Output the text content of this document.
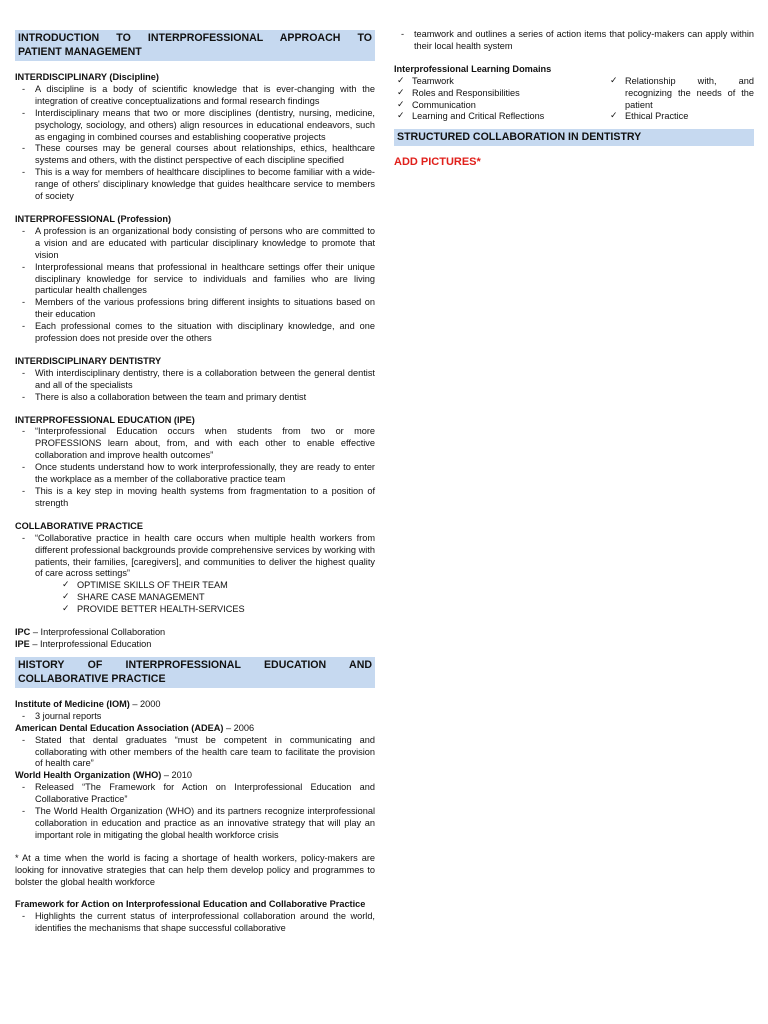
INTRODUCTION TO INTERPROFESSIONAL APPROACH TO
PATIENT MANAGEMENT
INTERDISCIPLINARY (Discipline)
- A discipline is a body of scientific knowledge that is ever-changing with the integration of creative conceptualizations and formal research findings
- Interdisciplinary means that two or more disciplines (dentistry, nursing, medicine, psychology, sociology, and others) align resources in educational endeavors, such as engaging in combined courses and establishing cooperative projects
- These courses may be general courses about relationships, ethics, healthcare systems and others, with the distinct perspective of each discipline specified
- This is a way for members of healthcare disciplines to become familiar with a wide-range of others' disciplinary knowledge that guides healthcare service to members of society
INTERPROFESSIONAL (Profession)
- A profession is an organizational body consisting of persons who are committed to a vision and are educated with particular disciplinary knowledge to promote that vision
- Interprofessional means that professional in healthcare settings offer their unique disciplinary knowledge for service to individuals and families who are living particular health challenges
- Members of the various professions bring different insights to situations based on their education
- Each professional comes to the situation with disciplinary knowledge, and one profession does not preside over the others
INTERDISCIPLINARY DENTISTRY
- With interdisciplinary dentistry, there is a collaboration between the general dentist and all of the specialists
- There is also a collaboration between the team and primary dentist
INTERPROFESSIONAL EDUCATION (IPE)
- “Interprofessional Education occurs when students from two or more PROFESSIONS learn about, from, and with each other to enable effective collaboration and improve health outcomes”
- Once students understand how to work interprofessionally, they are ready to enter the workplace as a member of the collaborative practice team
- This is a key step in moving health systems from fragmentation to a position of strength
COLLABORATIVE PRACTICE
- “Collaborative practice in health care occurs when multiple health workers from different professional backgrounds provide comprehensive services by working with patients, their families, [caregivers], and communities to deliver the highest quality of care across settings”
✓ OPTIMISE SKILLS OF THEIR TEAM
✓ SHARE CASE MANAGEMENT
✓ PROVIDE BETTER HEALTH-SERVICES
IPC – Interprofessional Collaboration
IPE – Interprofessional Education
HISTORY OF INTERPROFESSIONAL EDUCATION AND
COLLABORATIVE PRACTICE
Institute of Medicine (IOM) – 2000
- 3 journal reports
American Dental Education Association (ADEA) – 2006
- Stated that dental graduates “must be competent in communicating and collaborating with other members of the health care team to facilitate the provision of health care”
World Health Organization (WHO) – 2010
- Released “The Framework for Action on Interprofessional Education and Collaborative Practice”
- The World Health Organization (WHO) and its partners recognize interprofessional collaboration in education and practice as an innovative strategy that will play an important role in mitigating the global health workforce crisis
* At a time when the world is facing a shortage of health workers, policy-makers are looking for innovative strategies that can help them develop policy and programmes to bolster the global health workforce
Framework for Action on Interprofessional Education and Collaborative Practice
- Highlights the current status of interprofessional collaboration around the world, identifies the mechanisms that shape successful collaborative
- teamwork and outlines a series of action items that policy-makers can apply within their local health system
Interprofessional Learning Domains
✓ Teamwork
✓ Roles and Responsibilities
✓ Communication
✓ Learning and Critical Reflections
✓ Relationship with, and recognizing the needs of the patient
✓ Ethical Practice
STRUCTURED COLLABORATION IN DENTISTRY
ADD PICTURES*
